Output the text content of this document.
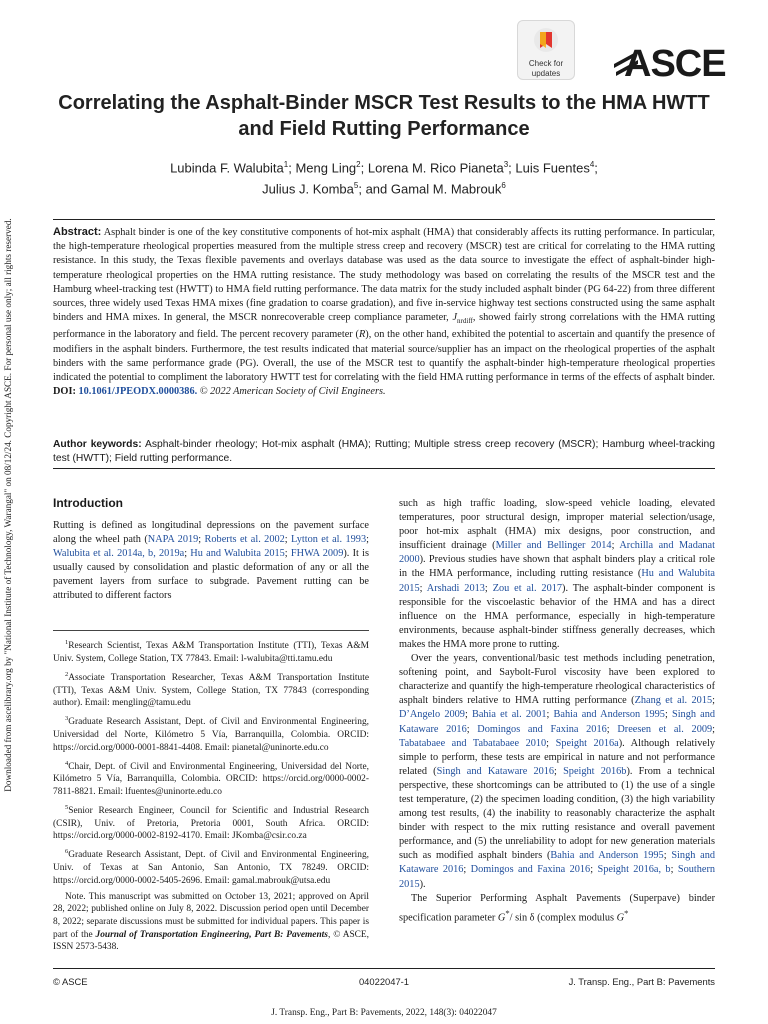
Downloaded from ascelibrary.org by "National Institute of Technology, Warangal" on 08/12/24. Copyright ASCE. For personal use only; all rights reserved.
Check for
updates	ASCE
Correlating the Asphalt-Binder MSCR Test Results to the HMA HWTT and Field Rutting Performance
Lubinda F. Walubita$^1$; Meng Ling$^2$; Lorena M. Rico Pianeta$^3$; Luis Fuentes$^4$;
Julius J. Komba$^5$; and Gamal M. Mabrouk$^6$
Abstract: Asphalt binder is one of the key constitutive components of hot-mix asphalt (HMA) that considerably affects its rutting performance. In particular, the high-temperature rheological properties measured from the multiple stress creep and recovery (MSCR) test are critical for correlating to the HMA rutting resistance. In this study, the Texas flexible pavements and overlays database was used as the data source to investigate the effect of asphalt-binder high-temperature rheological properties on the HMA rutting resistance. The study methodology was based on correlating the results of the MSCR test and the Hamburg wheel-tracking test (HWTT) to HMA field rutting performance. The data matrix for the study included asphalt binder (PG 64-22) from three different sources, three widely used Texas HMA mixes (fine gradation to coarse gradation), and five in-service highway test sections constructed using the same asphalt binders and HMA mixes. In general, the MSCR nonrecoverable creep compliance parameter, $J_{nrdiff}$, showed fairly strong correlations with the HMA rutting performance in the laboratory and field. The percent recovery parameter (R), on the other hand, exhibited the potential to ascertain and quantify the presence of modifiers in the asphalt binders. Furthermore, the test results indicated that material source/supplier has an impact on the rheological properties of the asphalt binders with the same performance grade (PG). Overall, the use of the MSCR test to quantify the asphalt-binder high-temperature rheological properties indicated the potential to compliment the laboratory HWTT test for correlating with the field HMA rutting performance in terms of the effects of asphalt binder. DOI: 10.1061/JPEODX.0000386. © 2022 American Society of Civil Engineers.
Author keywords: Asphalt-binder rheology; Hot-mix asphalt (HMA); Rutting; Multiple stress creep recovery (MSCR); Hamburg wheel-tracking test (HWTT); Field rutting performance.
Introduction

Rutting is defined as longitudinal depressions on the pavement surface along the wheel path (NAPA 2019; Roberts et al. 2002; Lytton et al. 1993; Walubita et al. 2014a, b, 2019a; Hu and Walubita 2015; FHWA 2009). It is usually caused by consolidation and plastic deformation of any or all the pavement layers from surface to subgrade. Pavement rutting can be attributed to different factors

$^1$Research Scientist, Texas A&M Transportation Institute (TTI), Texas A&M Univ. System, College Station, TX 77843. Email: l-walubita@tti.tamu.edu

$^2$Associate Transportation Researcher, Texas A&M Transportation Institute (TTI), Texas A&M Univ. System, College Station, TX 77843 (corresponding author). Email: mengling@tamu.edu

$^3$Graduate Research Assistant, Dept. of Civil and Environmental Engineering, Universidad del Norte, Kilómetro 5 Vía, Barranquilla, Colombia. ORCID: https://orcid.org/0000-0001-8841-4408. Email: pianetal@uninorte.edu.co

$^4$Chair, Dept. of Civil and Environmental Engineering, Universidad del Norte, Kilómetro 5 Vía, Barranquilla, Colombia. ORCID: https://orcid.org/0000-0002-7811-8821. Email: lfuentes@uninorte.edu.co

$^5$Senior Research Engineer, Council for Scientific and Industrial Research (CSIR), Univ. of Pretoria, Pretoria 0001, South Africa. ORCID: https://orcid.org/0000-0002-8192-4170. Email: JKomba@csir.co.za

$^6$Graduate Research Assistant, Dept. of Civil and Environmental Engineering, Univ. of Texas at San Antonio, San Antonio, TX 78249. ORCID: https://orcid.org/0000-0002-5405-2696. Email: gamal.mabrouk@utsa.edu

Note. This manuscript was submitted on October 13, 2021; approved on April 28, 2022; published online on July 8, 2022. Discussion period open until December 8, 2022; separate discussions must be submitted for individual papers. This paper is part of the Journal of Transportation Engineering, Part B: Pavements, © ASCE, ISSN 2573-5438.

such as high traffic loading, slow-speed vehicle loading, elevated temperatures, poor structural design, improper material selection/usage, poor hot-mix asphalt (HMA) mix designs, poor construction, and insufficient drainage (Miller and Bellinger 2014; Archilla and Madanat 2000). Previous studies have shown that asphalt binders play a critical role in the HMA performance, including rutting resistance (Hu and Walubita 2015; Arshadi 2013; Zou et al. 2017). The asphalt-binder component is responsible for the viscoelastic behavior of the HMA and has a direct influence on the HMA performance, especially in high-temperature environments, because asphalt-binder stiffness generally decreases, which makes the HMA more prone to rutting.

Over the years, conventional/basic test methods including penetration, softening point, and Saybolt-Furol viscosity have been explored to characterize and quantify the high-temperature rheological characteristics of asphalt binders relative to HMA rutting performance (Zhang et al. 2015; D’Angelo 2009; Bahia et al. 2001; Bahia and Anderson 1995; Singh and Kataware 2016; Domingos and Faxina 2016; Dreesen et al. 2009; Tabatabaee and Tabatabaee 2010; Speight 2016a). Although relatively simple to perform, these tests are empirical in nature and not performance related (Singh and Kataware 2016; Speight 2016b). From a technical perspective, these shortcomings can be attributed to (1) the use of a single test temperature, (2) the specimen loading condition, (3) the high variability among test results, (4) the inability to reasonably characterize the asphalt binder with respect to the mix rutting resistance and overall pavement performance, and (5) the unreliability to adopt for new generation materials such as modified asphalt binders (Bahia and Anderson 1995; Singh and Kataware 2016; Domingos and Faxina 2016; Speight 2016a, b; Southern 2015).

The Superior Performing Asphalt Pavements (Superpave) binder specification parameter G*/ sin δ (complex modulus G*

© ASCE	04022047-1	J. Transp. Eng., Part B: Pavements
J. Transp. Eng., Part B: Pavements, 2022, 148(3): 04022047
